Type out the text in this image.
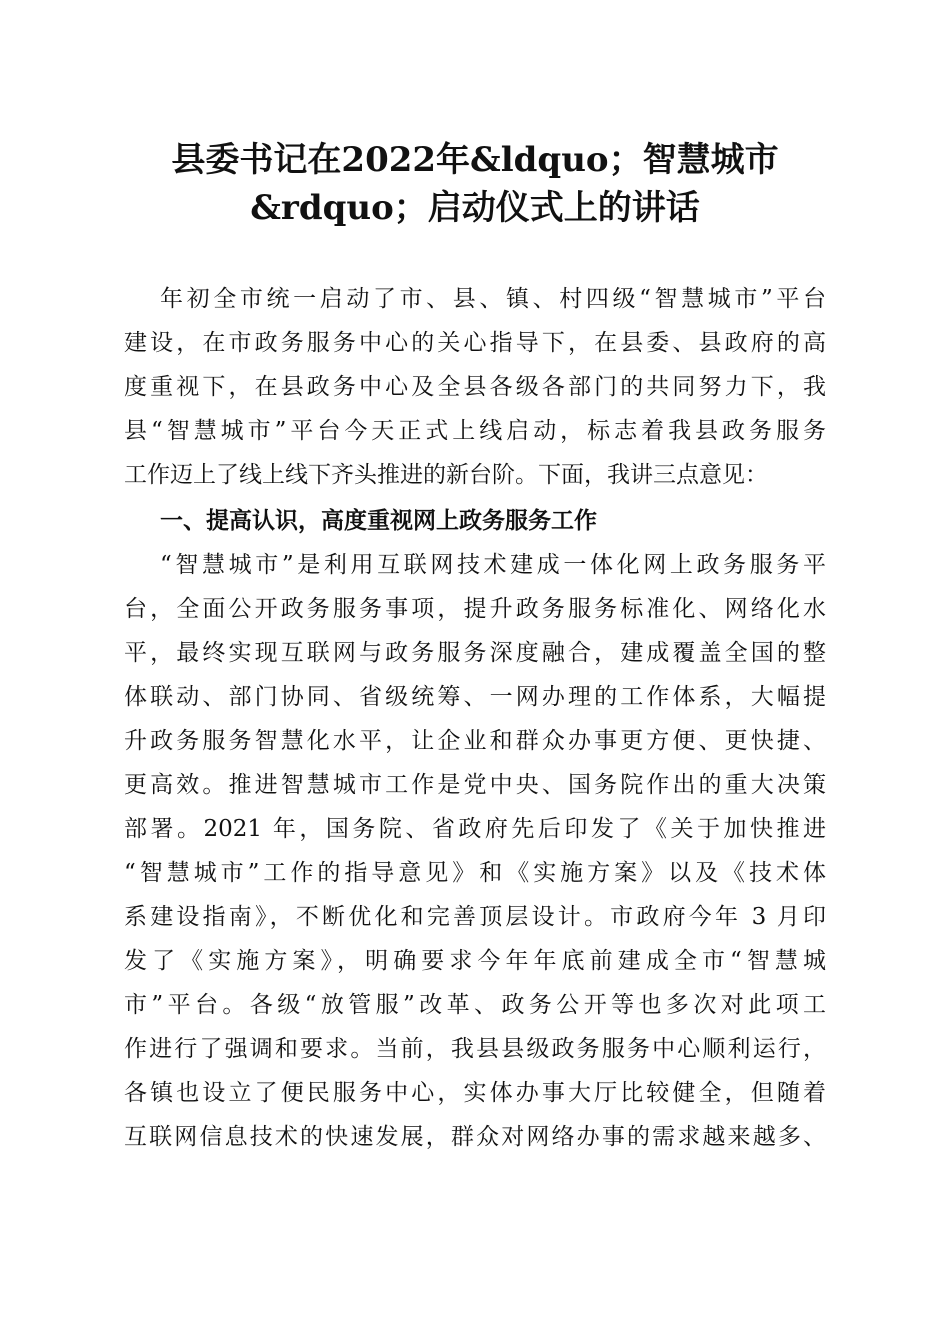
县委书记在2022年&ldquo；智慧城市
&rdquo；启动仪式上的讲话

年初全市统一启动了市、县、镇、村四级“智慧城市”平台

建设，在市政务服务中心的关心指导下，在县委、县政府的高

度重视下，在县政务中心及全县各级各部门的共同努力下，我

县“智慧城市”平台今天正式上线启动，标志着我县政务服务

工作迈上了线上线下齐头推进的新台阶。下面，我讲三点意见：

一、提高认识，高度重视网上政务服务工作

“智慧城市”是利用互联网技术建成一体化网上政务服务平

台，全面公开政务服务事项，提升政务服务标准化、网络化水

平，最终实现互联网与政务服务深度融合，建成覆盖全国的整

体联动、部门协同、省级统筹、一网办理的工作体系，大幅提

升政务服务智慧化水平，让企业和群众办事更方便、更快捷、

更高效。推进智慧城市工作是党中央、国务院作出的重大决策

部署。2021 年，国务院、省政府先后印发了《关于加快推进

“智慧城市”工作的指导意见》和《实施方案》以及《技术体

系建设指南》，不断优化和完善顶层设计。市政府今年 3 月印

发了《实施方案》，明确要求今年年底前建成全市“智慧城

市”平台。各级“放管服”改革、政务公开等也多次对此项工

作进行了强调和要求。当前，我县县级政务服务中心顺利运行，

各镇也设立了便民服务中心，实体办事大厅比较健全，但随着

互联网信息技术的快速发展，群众对网络办事的需求越来越多、
